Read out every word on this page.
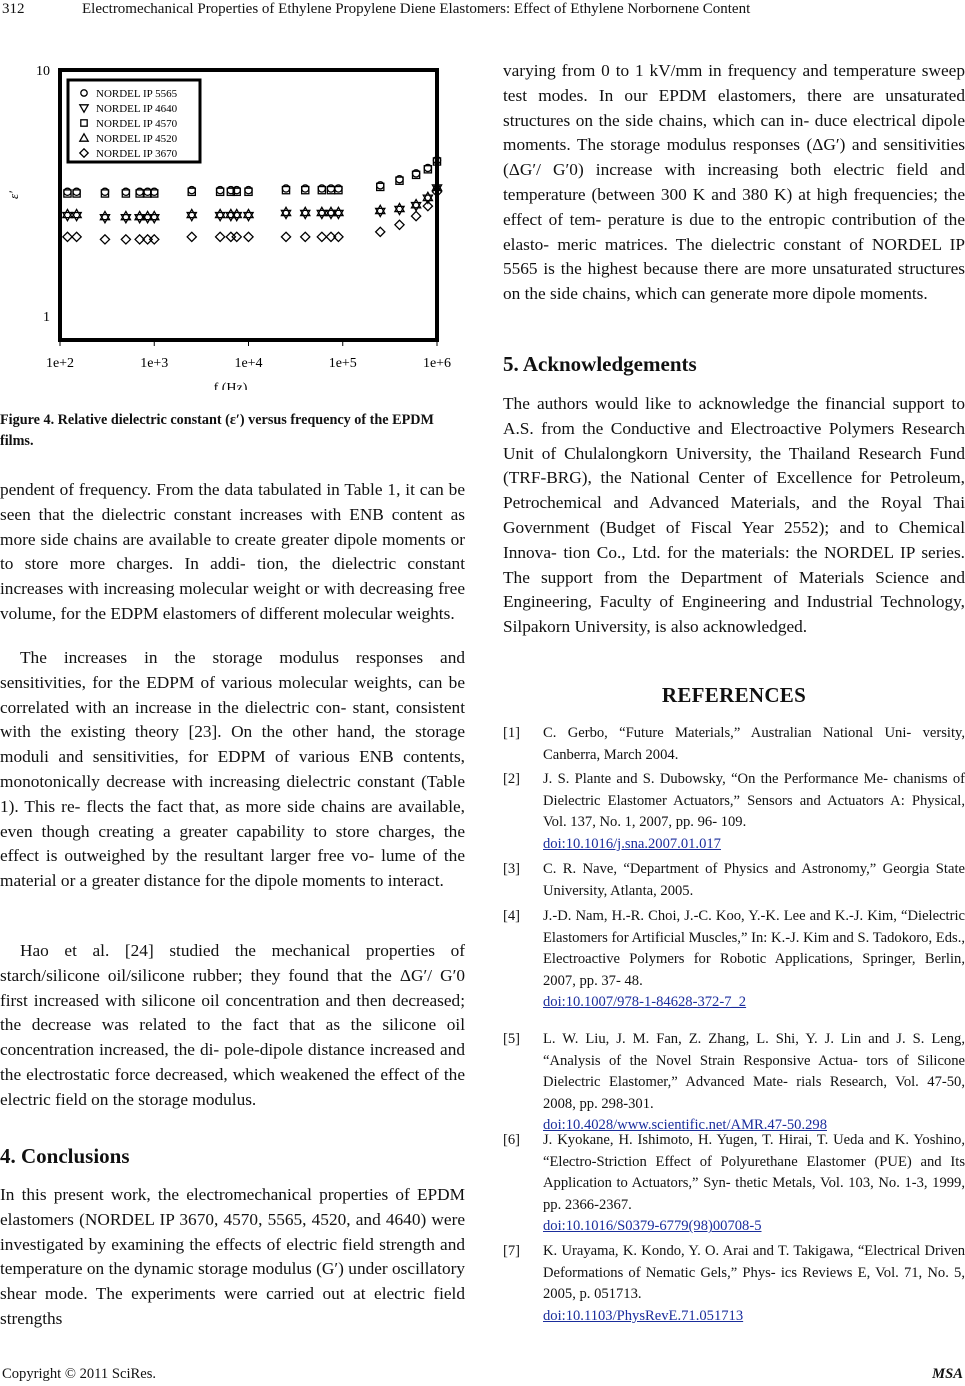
312	Electromechanical Properties of Ethylene Propylene Diene Elastomers: Effect of Ethylene Norbornene Content
1e+2	1e+3	1e+4	1e+5	1e+6
10
1
f (Hz)
ε′
NORDEL IP 5565
NORDEL IP 4640
NORDEL IP 4570
NORDEL IP 4520
NORDEL IP 3670
Figure 4. Relative dielectric constant (ε′) versus frequency of the EPDM films.

pendent of frequency. From the data tabulated in Table 1, it can be seen that the dielectric constant increases with ENB content as more side chains are available to create greater dipole moments or to store more charges. In addi- tion, the dielectric constant increases with increasing molecular weight or with decreasing free volume, for the EDPM elastomers of different molecular weights.

The increases in the storage modulus responses and sensitivities, for the EDPM of various molecular weights, can be correlated with an increase in the dielectric con- stant, consistent with the existing theory [23]. On the other hand, the storage moduli and sensitivities, for EDPM of various ENB contents, monotonically decrease with increasing dielectric constant (Table 1). This re- flects the fact that, as more side chains are available, even though creating a greater capability to store charges, the effect is outweighed by the resultant larger free vo- lume of the material or a greater distance for the dipole moments to interact.

Hao et al. [24] studied the mechanical properties of starch/silicone oil/silicone rubber; they found that the ΔG′/ G′0 first increased with silicone oil concentration and then decreased; the decrease was related to the fact that as the silicone oil concentration increased, the di- pole-dipole distance increased and the electrostatic force decreased, which weakened the effect of the electric field on the storage modulus.

4. Conclusions

In this present work, the electromechanical properties of EPDM elastomers (NORDEL IP 3670, 4570, 5565, 4520, and 4640) were investigated by examining the effects of electric field strength and temperature on the dynamic storage modulus (G′) under oscillatory shear mode. The experiments were carried out at electric field strengths

varying from 0 to 1 kV/mm in frequency and temperature sweep test modes. In our EPDM elastomers, there are unsaturated structures on the side chains, which can in- duce electrical dipole moments. The storage modulus responses (ΔG′) and sensitivities (ΔG′/ G′0) increase with increasing both electric field and temperature (between 300 K and 380 K) at high frequencies; the effect of tem- perature is due to the entropic contribution of the elasto- meric matrices. The dielectric constant of NORDEL IP 5565 is the highest because there are more unsaturated structures on the side chains, which can generate more dipole moments.

5. Acknowledgements

The authors would like to acknowledge the financial support to A.S. from the Conductive and Electroactive Polymers Research Unit of Chulalongkorn University, the Thailand Research Fund (TRF-BRG), the National Center of Excellence for Petroleum, Petrochemical and Advanced Materials, and the Royal Thai Government (Budget of Fiscal Year 2552); and to Chemical Innova- tion Co., Ltd. for the materials: the NORDEL IP series. The support from the Department of Materials Science and Engineering, Faculty of Engineering and Industrial Technology, Silpakorn University, is also acknowledged.

REFERENCES
[1] C. Gerbo, “Future Materials,” Australian National Uni- versity, Canberra, March 2004.
[2] J. S. Plante and S. Dubowsky, “On the Performance Me- chanisms of Dielectric Elastomer Actuators,” Sensors and Actuators A: Physical, Vol. 137, No. 1, 2007, pp. 96- 109.
doi:10.1016/j.sna.2007.01.017
[3] C. R. Nave, “Department of Physics and Astronomy,” Georgia State University, Atlanta, 2005.
[4] J.-D. Nam, H.-R. Choi, J.-C. Koo, Y.-K. Lee and K.-J. Kim, “Dielectric Elastomers for Artificial Muscles,” In: K.-J. Kim and S. Tadokoro, Eds., Electroactive Polymers for Robotic Applications, Springer, Berlin, 2007, pp. 37- 48.
doi:10.1007/978-1-84628-372-7_2
[5] L. W. Liu, J. M. Fan, Z. Zhang, L. Shi, Y. J. Lin and J. S. Leng, “Analysis of the Novel Strain Responsive Actua- tors of Silicone Dielectric Elastomer,” Advanced Mate- rials Research, Vol. 47-50, 2008, pp. 298-301.
doi:10.4028/www.scientific.net/AMR.47-50.298
[6] J. Kyokane, H. Ishimoto, H. Yugen, T. Hirai, T. Ueda and K. Yoshino, “Electro-Striction Effect of Polyurethane Elastomer (PUE) and Its Application to Actuators,” Syn- thetic Metals, Vol. 103, No. 1-3, 1999, pp. 2366-2367.
doi:10.1016/S0379-6779(98)00708-5
[7] K. Urayama, K. Kondo, Y. O. Arai and T. Takigawa, “Electrical Driven Deformations of Nematic Gels,” Phys- ics Reviews E, Vol. 71, No. 5, 2005, p. 051713.
doi:10.1103/PhysRevE.71.051713
Copyright © 2011 SciRes.	MSA
